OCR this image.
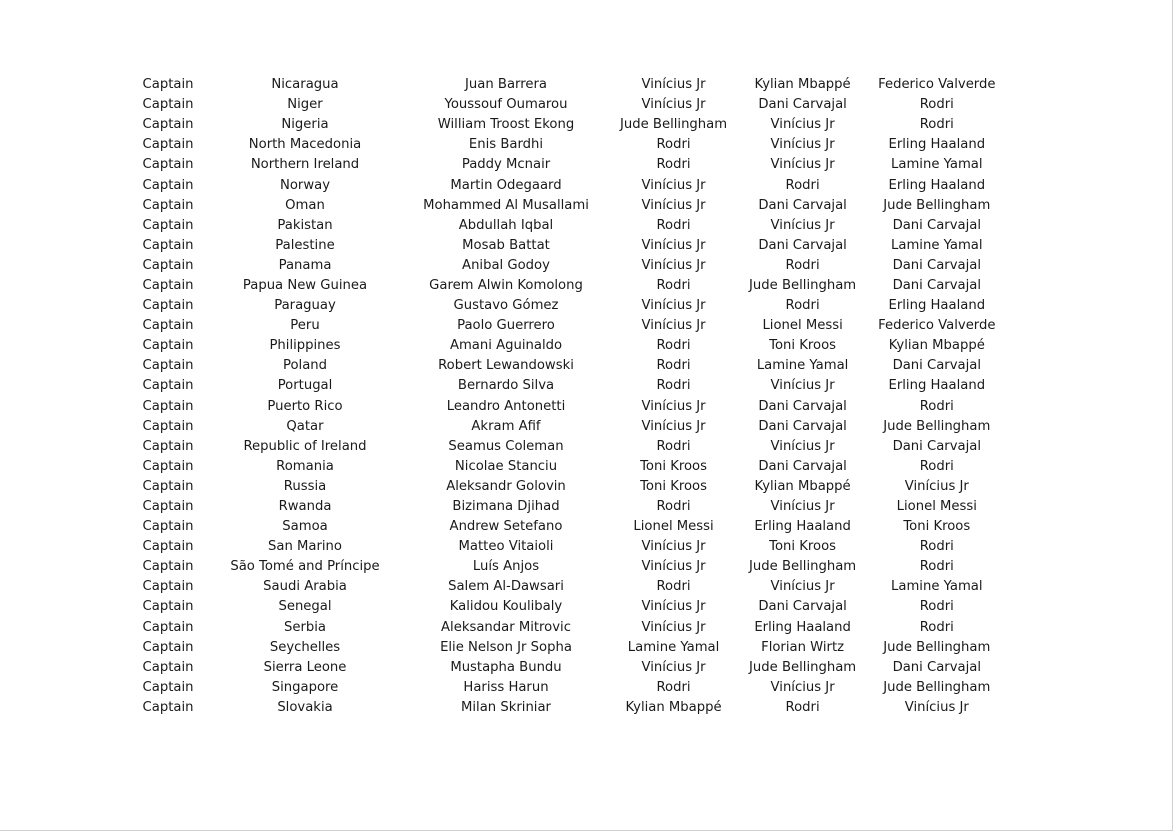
Captain	Nicaragua	Juan Barrera	Vinícius Jr	Kylian Mbappé	Federico Valverde
Captain	Niger	Youssouf Oumarou	Vinícius Jr	Dani Carvajal	Rodri
Captain	Nigeria	William Troost Ekong	Jude Bellingham	Vinícius Jr	Rodri
Captain	North Macedonia	Enis Bardhi	Rodri	Vinícius Jr	Erling Haaland
Captain	Northern Ireland	Paddy Mcnair	Rodri	Vinícius Jr	Lamine Yamal
Captain	Norway	Martin Odegaard	Vinícius Jr	Rodri	Erling Haaland
Captain	Oman	Mohammed Al Musallami	Vinícius Jr	Dani Carvajal	Jude Bellingham
Captain	Pakistan	Abdullah Iqbal	Rodri	Vinícius Jr	Dani Carvajal
Captain	Palestine	Mosab Battat	Vinícius Jr	Dani Carvajal	Lamine Yamal
Captain	Panama	Anibal Godoy	Vinícius Jr	Rodri	Dani Carvajal
Captain	Papua New Guinea	Garem Alwin Komolong	Rodri	Jude Bellingham	Dani Carvajal
Captain	Paraguay	Gustavo Gómez	Vinícius Jr	Rodri	Erling Haaland
Captain	Peru	Paolo Guerrero	Vinícius Jr	Lionel Messi	Federico Valverde
Captain	Philippines	Amani Aguinaldo	Rodri	Toni Kroos	Kylian Mbappé
Captain	Poland	Robert Lewandowski	Rodri	Lamine Yamal	Dani Carvajal
Captain	Portugal	Bernardo Silva	Rodri	Vinícius Jr	Erling Haaland
Captain	Puerto Rico	Leandro Antonetti	Vinícius Jr	Dani Carvajal	Rodri
Captain	Qatar	Akram Afif	Vinícius Jr	Dani Carvajal	Jude Bellingham
Captain	Republic of Ireland	Seamus Coleman	Rodri	Vinícius Jr	Dani Carvajal
Captain	Romania	Nicolae Stanciu	Toni Kroos	Dani Carvajal	Rodri
Captain	Russia	Aleksandr Golovin	Toni Kroos	Kylian Mbappé	Vinícius Jr
Captain	Rwanda	Bizimana Djihad	Rodri	Vinícius Jr	Lionel Messi
Captain	Samoa	Andrew Setefano	Lionel Messi	Erling Haaland	Toni Kroos
Captain	San Marino	Matteo Vitaioli	Vinícius Jr	Toni Kroos	Rodri
Captain	São Tomé and Príncipe	Luís Anjos	Vinícius Jr	Jude Bellingham	Rodri
Captain	Saudi Arabia	Salem Al-Dawsari	Rodri	Vinícius Jr	Lamine Yamal
Captain	Senegal	Kalidou Koulibaly	Vinícius Jr	Dani Carvajal	Rodri
Captain	Serbia	Aleksandar Mitrovic	Vinícius Jr	Erling Haaland	Rodri
Captain	Seychelles	Elie Nelson Jr Sopha	Lamine Yamal	Florian Wirtz	Jude Bellingham
Captain	Sierra Leone	Mustapha Bundu	Vinícius Jr	Jude Bellingham	Dani Carvajal
Captain	Singapore	Hariss Harun	Rodri	Vinícius Jr	Jude Bellingham
Captain	Slovakia	Milan Skriniar	Kylian Mbappé	Rodri	Vinícius Jr
